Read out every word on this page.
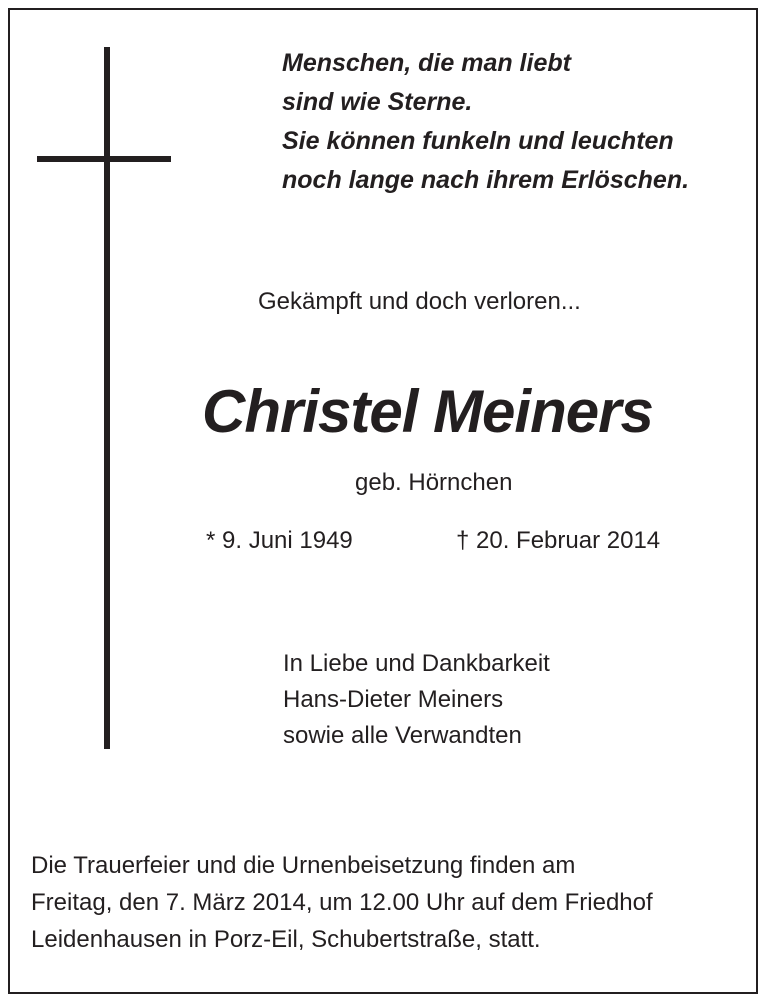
Menschen, die man liebt
sind wie Sterne.
Sie können funkeln und leuchten
noch lange nach ihrem Erlöschen.
Gekämpft und doch verloren...
Christel Meiners
geb. Hörnchen
* 9. Juni 1949	† 20. Februar 2014
In Liebe und Dankbarkeit
Hans-Dieter Meiners
sowie alle Verwandten
Die Trauerfeier und die Urnenbeisetzung finden am
Freitag, den 7. März 2014, um 12.00 Uhr auf dem Friedhof
Leidenhausen in Porz-Eil, Schubertstraße, statt.
